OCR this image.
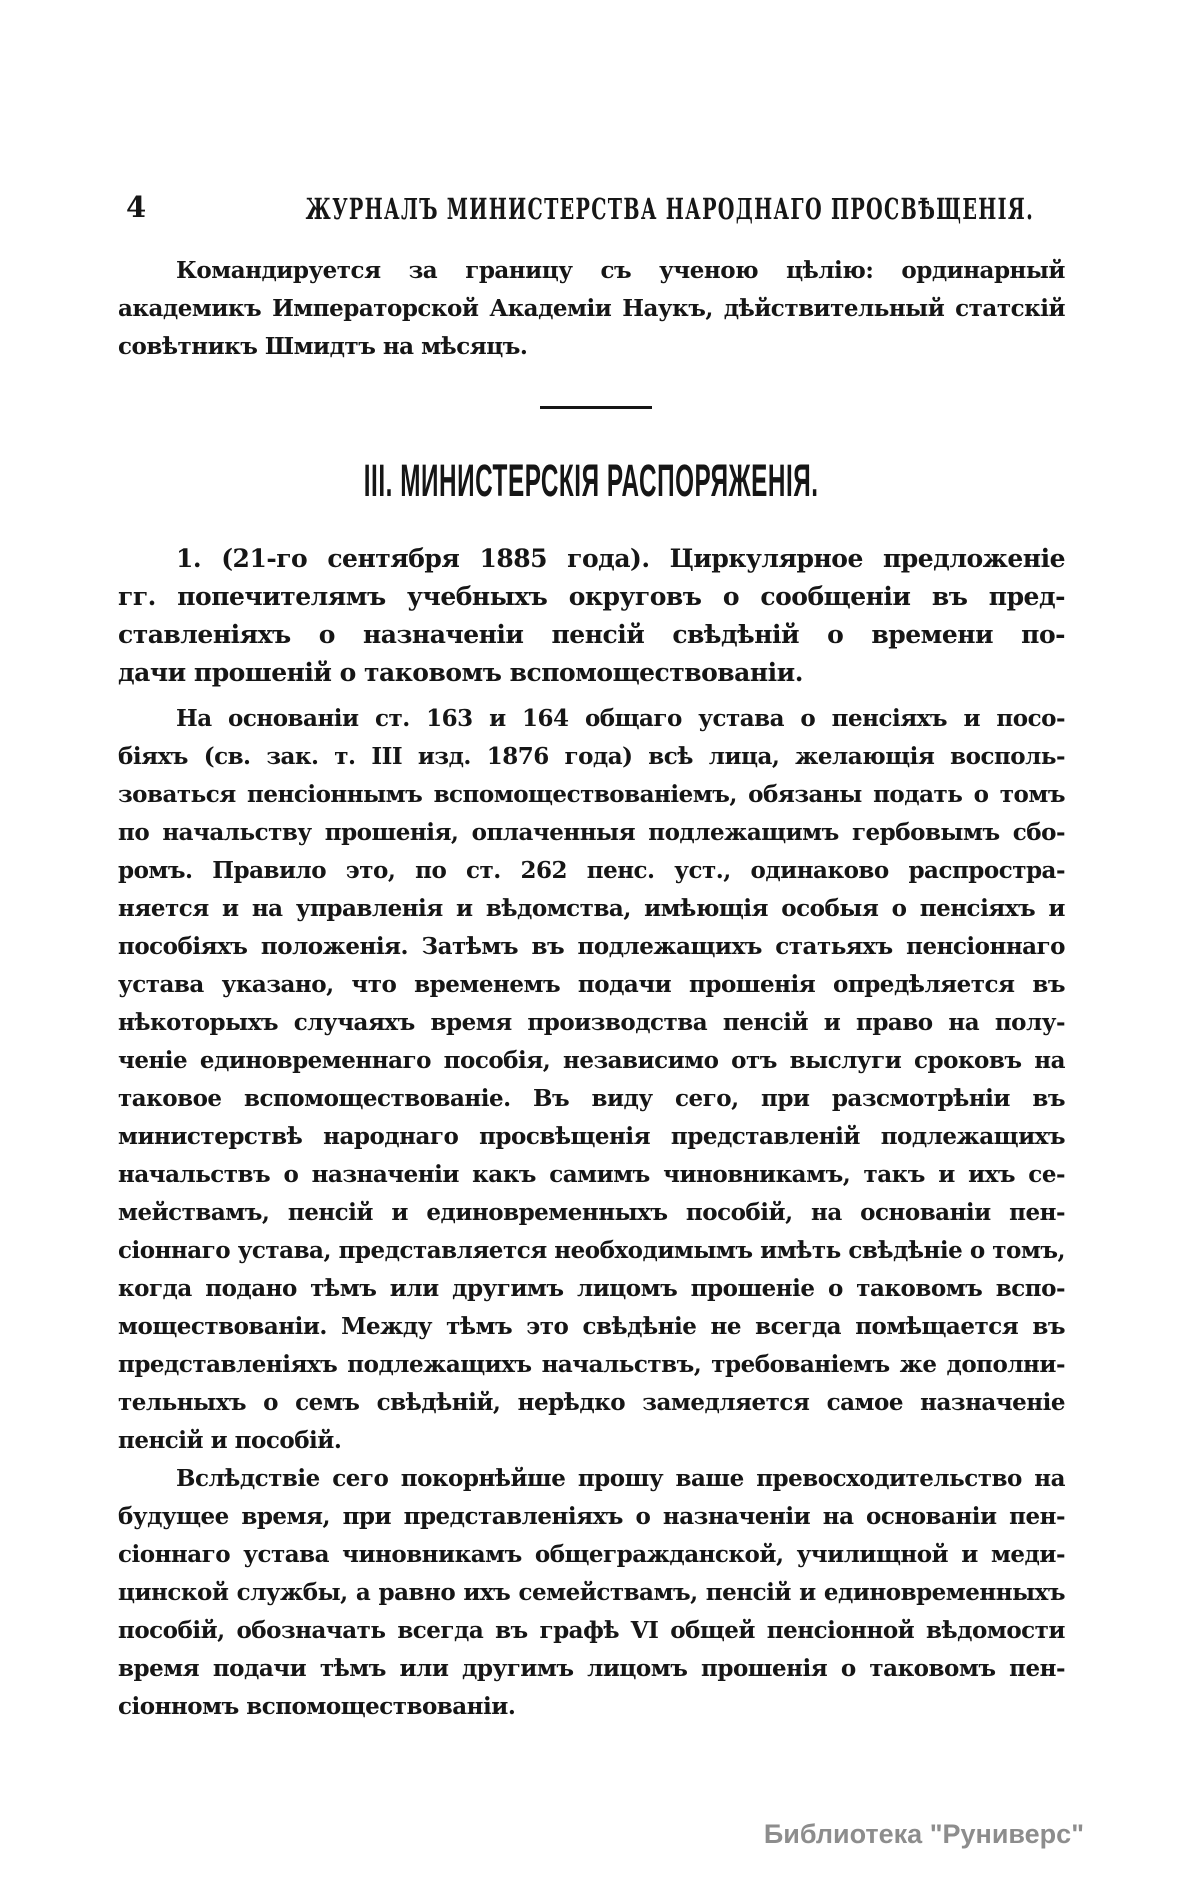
4	ЖУРНАЛЪ МИНИСТЕРСТВА НАРОДНАГО ПРОСВѢЩЕНІЯ.
Командируется за границу съ ученою цѣлію: ординарный
академикъ Императорской Академіи Наукъ, дѣйствительный статскій
совѣтникъ Шмидтъ на мѣсяцъ.
III. МИНИСТЕРСКІЯ РАСПОРЯЖЕНІЯ.
1. (21-го сентября 1885 года). Циркулярное предложеніе
гг. попечителямъ учебныхъ округовъ о сообщеніи въ пред-
ставленіяхъ о назначеніи пенсій свѣдѣній о времени по-
дачи прошеній о таковомъ вспомоществованіи.
На основаніи ст. 163 и 164 общаго устава о пенсіяхъ и посо-
біяхъ (св. зак. т. III изд. 1876 года) всѣ лица, желающія восполь-
зоваться пенсіоннымъ вспомоществованіемъ, обязаны подать о томъ
по начальству прошенія, оплаченныя подлежащимъ гербовымъ сбо-
ромъ. Правило это, по ст. 262 пенс. уст., одинаково распростра-
няется и на управленія и вѣдомства, имѣющія особыя о пенсіяхъ и
пособіяхъ положенія. Затѣмъ въ подлежащихъ статьяхъ пенсіоннаго
устава указано, что временемъ подачи прошенія опредѣляется въ
нѣкоторыхъ случаяхъ время производства пенсій и право на полу-
ченіе единовременнаго пособія, независимо отъ выслуги сроковъ на
таковое вспомоществованіе. Въ виду сего, при разсмотрѣніи въ
министерствѣ народнаго просвѣщенія представленій подлежащихъ
начальствъ о назначеніи какъ самимъ чиновникамъ, такъ и ихъ се-
мействамъ, пенсій и единовременныхъ пособій, на основаніи пен-
сіоннаго устава, представляется необходимымъ имѣть свѣдѣніе о томъ,
когда подано тѣмъ или другимъ лицомъ прошеніе о таковомъ вспо-
моществованіи. Между тѣмъ это свѣдѣніе не всегда помѣщается въ
представленіяхъ подлежащихъ начальствъ, требованіемъ же дополни-
тельныхъ о семъ свѣдѣній, нерѣдко замедляется самое назначеніе
пенсій и пособій.
Вслѣдствіе сего покорнѣйше прошу ваше превосходительство на
будущее время, при представленіяхъ о назначеніи на основаніи пен-
сіоннаго устава чиновникамъ общегражданской, училищной и меди-
цинской службы, а равно ихъ семействамъ, пенсій и единовременныхъ
пособій, обозначать всегда въ графѣ VI общей пенсіонной вѣдомости
время подачи тѣмъ или другимъ лицомъ прошенія о таковомъ пен-
сіонномъ вспомоществованіи.
Библиотека "Руниверс"
